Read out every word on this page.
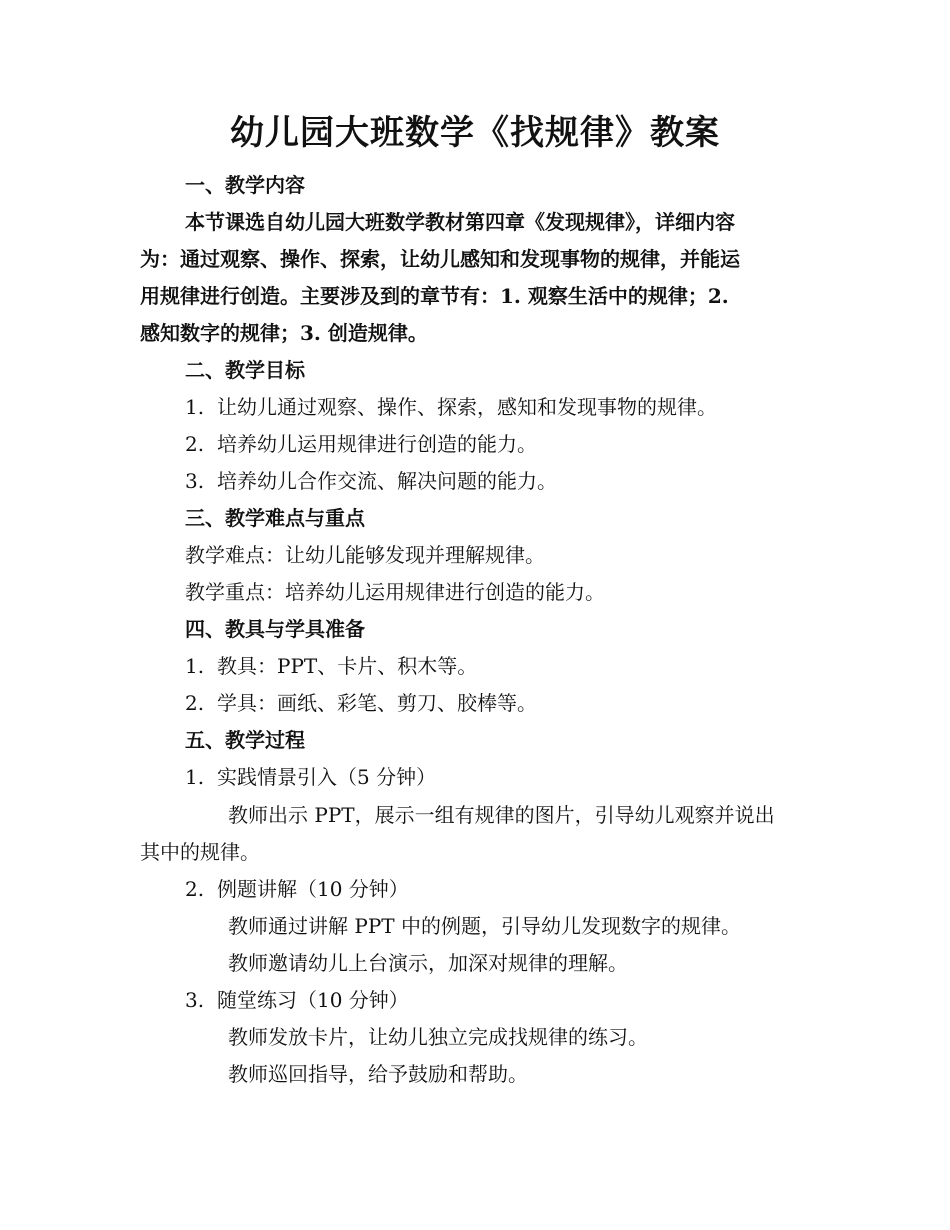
幼儿园大班数学《找规律》教案
一、教学内容
本节课选自幼儿园大班数学教材第四章《发现规律》，详细内容
为：通过观察、操作、探索，让幼儿感知和发现事物的规律，并能运
用规律进行创造。主要涉及到的章节有：1. 观察生活中的规律；2.
感知数字的规律；3. 创造规律。
二、教学目标
1. 让幼儿通过观察、操作、探索，感知和发现事物的规律。
2. 培养幼儿运用规律进行创造的能力。
3. 培养幼儿合作交流、解决问题的能力。
三、教学难点与重点
教学难点：让幼儿能够发现并理解规律。
教学重点：培养幼儿运用规律进行创造的能力。
四、教具与学具准备
1. 教具：PPT、卡片、积木等。
2. 学具：画纸、彩笔、剪刀、胶棒等。
五、教学过程
1. 实践情景引入（5 分钟）
教师出示 PPT，展示一组有规律的图片，引导幼儿观察并说出
其中的规律。
2. 例题讲解（10 分钟）
教师通过讲解 PPT 中的例题，引导幼儿发现数字的规律。
教师邀请幼儿上台演示，加深对规律的理解。
3. 随堂练习（10 分钟）
教师发放卡片，让幼儿独立完成找规律的练习。
教师巡回指导，给予鼓励和帮助。
